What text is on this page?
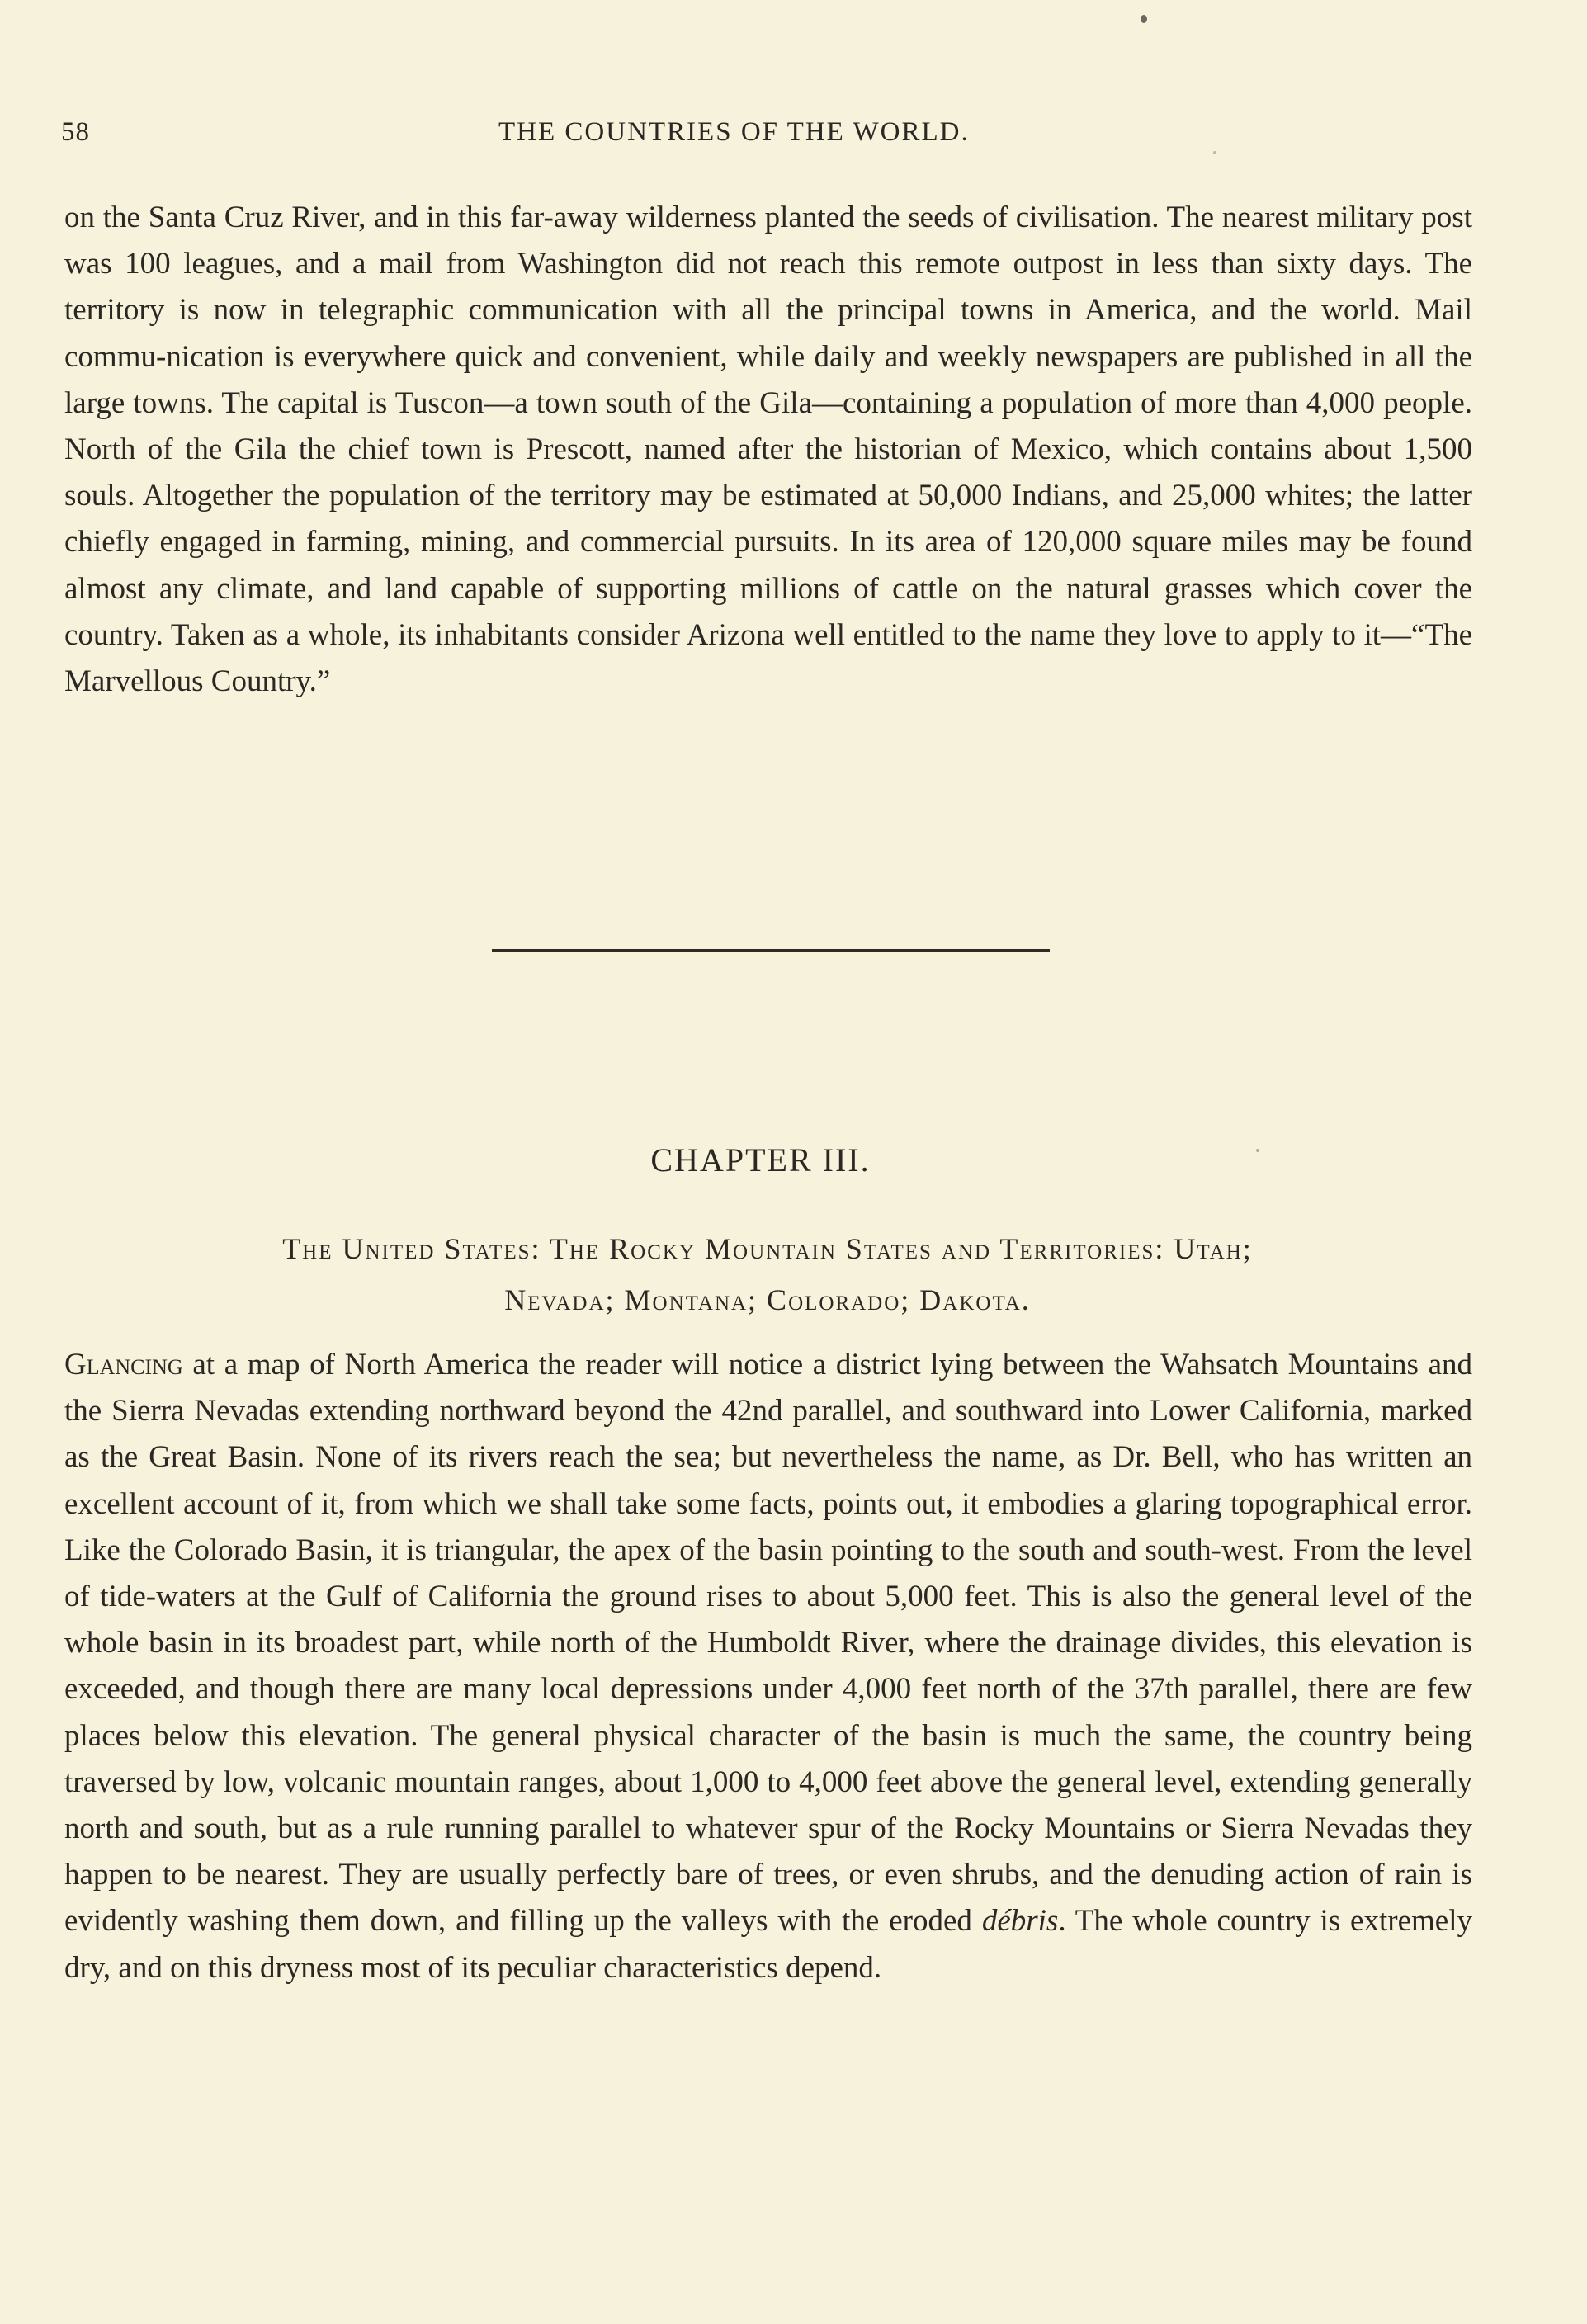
58	THE COUNTRIES OF THE WORLD.

on the Santa Cruz River, and in this far-away wilderness planted the seeds of civilisation. The nearest military post was 100 leagues, and a mail from Washington did not reach this remote outpost in less than sixty days. The territory is now in telegraphic communication with all the principal towns in America, and the world. Mail commu-nication is everywhere quick and convenient, while daily and weekly newspapers are published in all the large towns. The capital is Tuscon—a town south of the Gila—containing a population of more than 4,000 people. North of the Gila the chief town is Prescott, named after the historian of Mexico, which contains about 1,500 souls. Altogether the population of the territory may be estimated at 50,000 Indians, and 25,000 whites; the latter chiefly engaged in farming, mining, and commercial pursuits. In its area of 120,000 square miles may be found almost any climate, and land capable of supporting millions of cattle on the natural grasses which cover the country. Taken as a whole, its inhabitants consider Arizona well entitled to the name they love to apply to it—“The Marvellous Country.”

CHAPTER III.
The United States: The Rocky Mountain States and Territories: Utah;
Nevada; Montana; Colorado; Dakota.

Glancing at a map of North America the reader will notice a district lying between the Wahsatch Mountains and the Sierra Nevadas extending northward beyond the 42nd parallel, and southward into Lower California, marked as the Great Basin. None of its rivers reach the sea; but nevertheless the name, as Dr. Bell, who has written an excellent account of it, from which we shall take some facts, points out, it embodies a glaring topographical error. Like the Colorado Basin, it is triangular, the apex of the basin pointing to the south and south-west. From the level of tide-waters at the Gulf of California the ground rises to about 5,000 feet. This is also the general level of the whole basin in its broadest part, while north of the Humboldt River, where the drainage divides, this elevation is exceeded, and though there are many local depressions under 4,000 feet north of the 37th parallel, there are few places below this elevation. The general physical character of the basin is much the same, the country being traversed by low, volcanic mountain ranges, about 1,000 to 4,000 feet above the general level, extending generally north and south, but as a rule running parallel to whatever spur of the Rocky Mountains or Sierra Nevadas they happen to be nearest. They are usually perfectly bare of trees, or even shrubs, and the denuding action of rain is evidently washing them down, and filling up the valleys with the eroded débris. The whole country is extremely dry, and on this dryness most of its peculiar characteristics depend.
